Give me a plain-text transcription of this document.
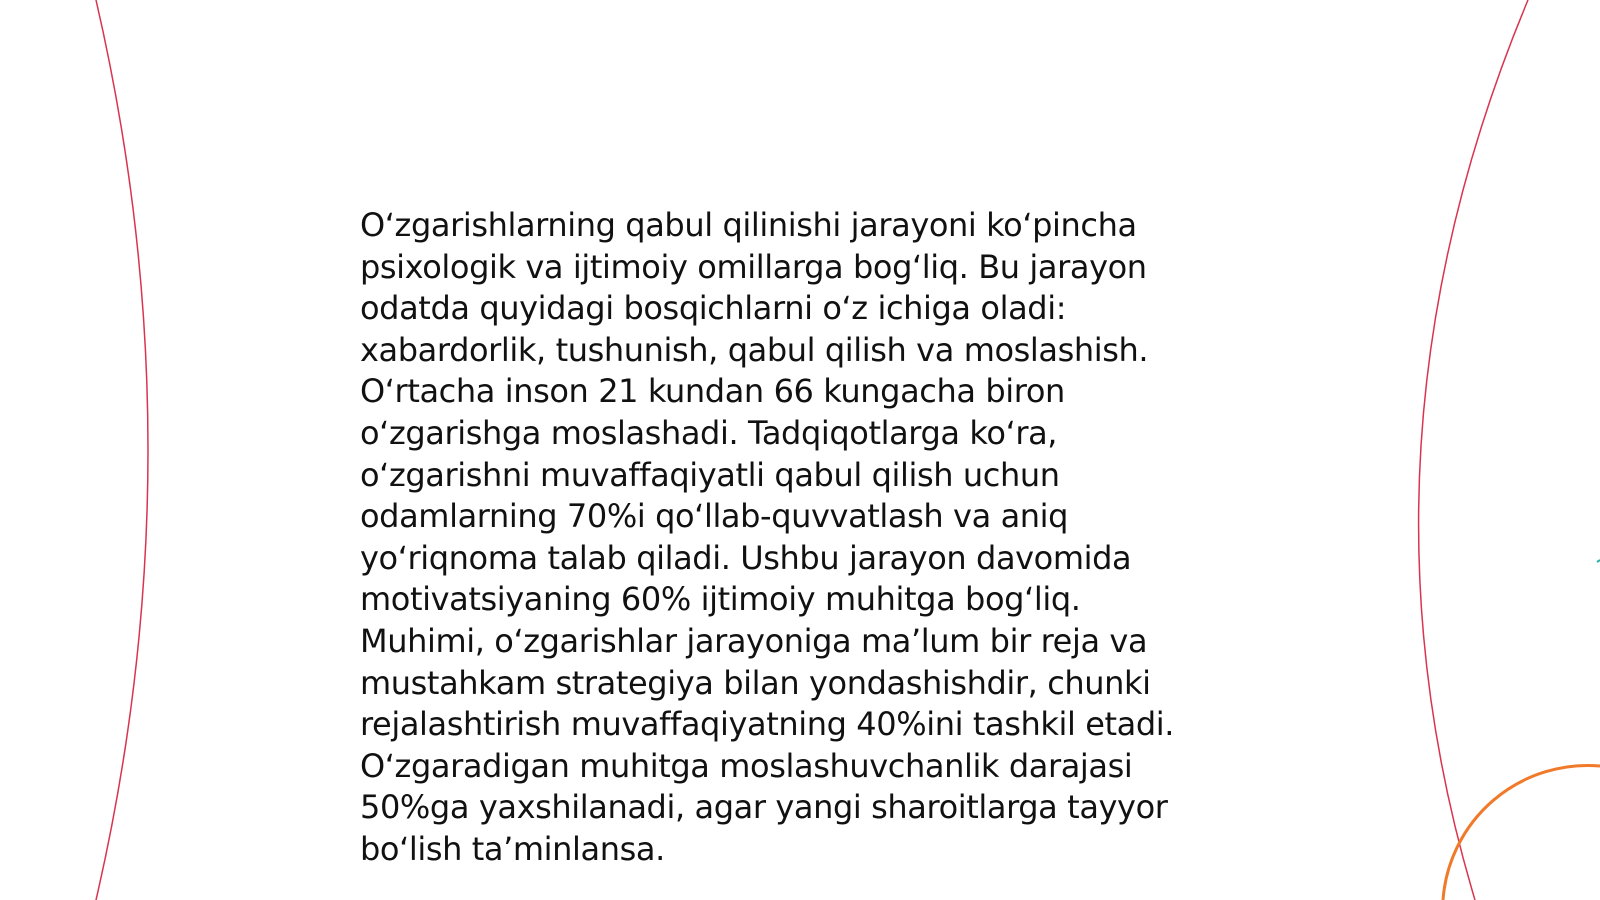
O‘zgarishlarning qabul qilinishi jarayoni ko‘pincha
psixologik va ijtimoiy omillarga bog‘liq. Bu jarayon
odatda quyidagi bosqichlarni o‘z ichiga oladi:
xabardorlik, tushunish, qabul qilish va moslashish.
O‘rtacha inson 21 kundan 66 kungacha biron
o‘zgarishga moslashadi. Tadqiqotlarga ko‘ra,
o‘zgarishni muvaffaqiyatli qabul qilish uchun
odamlarning 70%i qo‘llab-quvvatlash va aniq
yo‘riqnoma talab qiladi. Ushbu jarayon davomida
motivatsiyaning 60% ijtimoiy muhitga bog‘liq.
Muhimi, o‘zgarishlar jarayoniga ma’lum bir reja va
mustahkam strategiya bilan yondashishdir, chunki
rejalashtirish muvaffaqiyatning 40%ini tashkil etadi.
O‘zgaradigan muhitga moslashuvchanlik darajasi
50%ga yaxshilanadi, agar yangi sharoitlarga tayyor
bo‘lish ta’minlansa.
